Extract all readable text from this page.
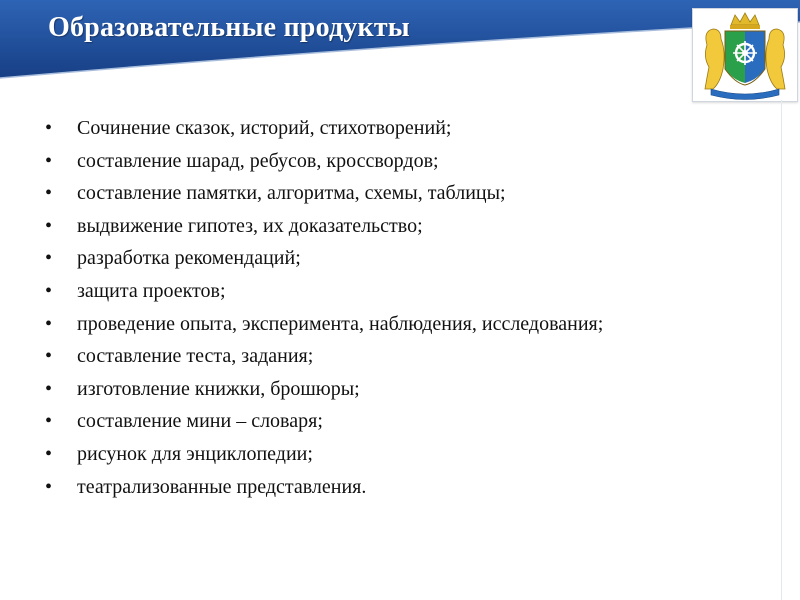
Образовательные продукты
•	Сочинение сказок, историй, стихотворений;
•	составление шарад, ребусов, кроссвордов;
•	составление памятки, алгоритма, схемы, таблицы;
•	выдвижение гипотез, их доказательство;
•	разработка рекомендаций;
•	защита проектов;
•	проведение опыта, эксперимента, наблюдения, исследования;
•	составление теста, задания;
•	изготовление книжки, брошюры;
•	составление мини – словаря;
•	рисунок для энциклопедии;
•	театрализованные представления.
